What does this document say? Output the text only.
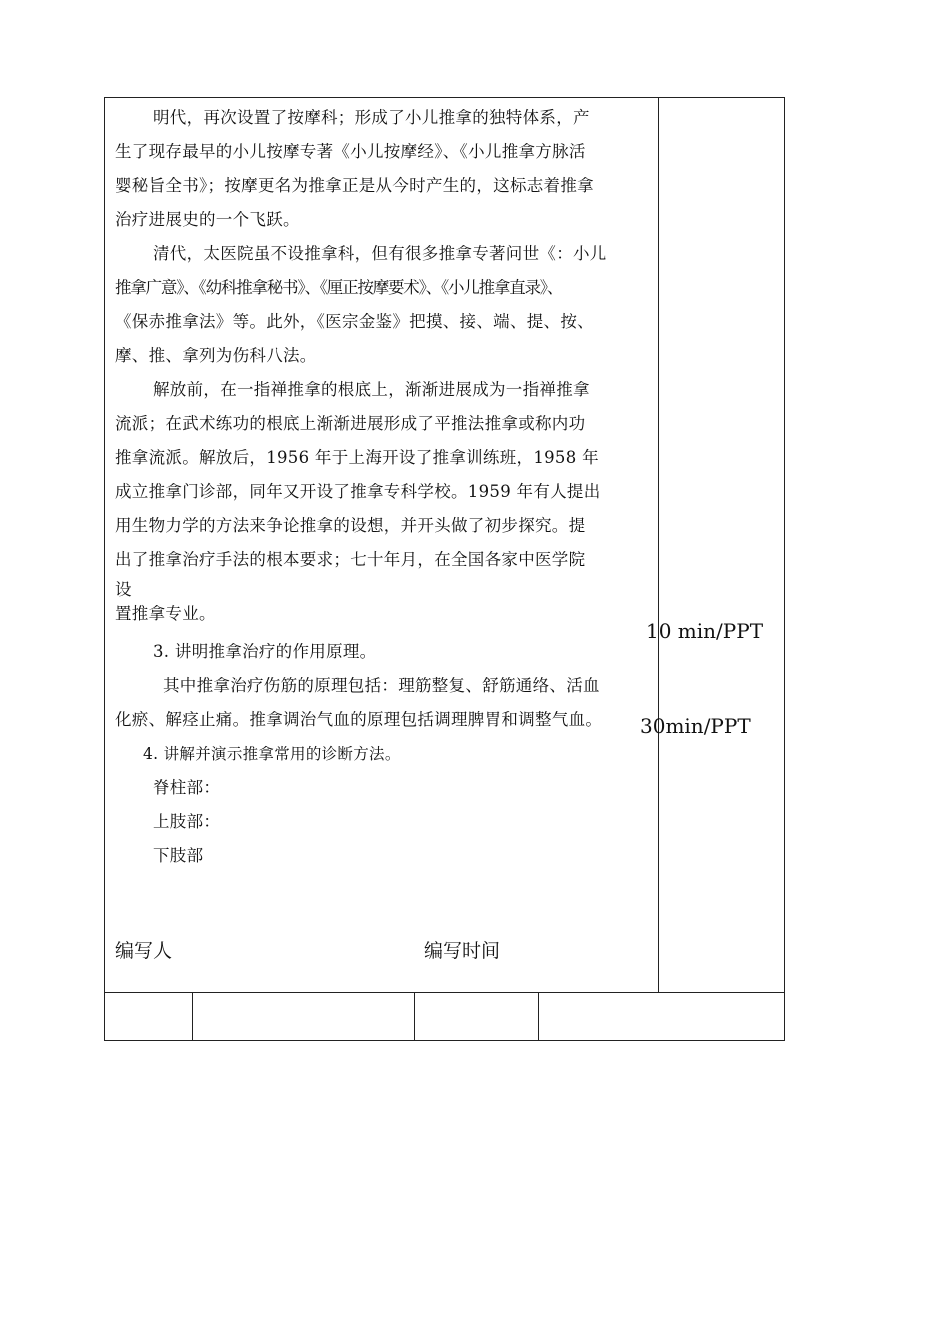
明代，再次设置了按摩科；形成了小儿推拿的独特体系，产
生了现存最早的小儿按摩专著《小儿按摩经》、《小儿推拿方脉活
婴秘旨全书》；按摩更名为推拿正是从今时产生的，这标志着推拿
治疗进展史的一个飞跃。
清代，太医院虽不设推拿科，但有很多推拿专著问世《：小儿
推拿广意》、《幼科推拿秘书》、《厘正按摩要术》、《小儿推拿直录》、
《保赤推拿法》等。此外，《医宗金鉴》把摸、接、端、提、按、
摩、推、拿列为伤科八法。
解放前，在一指禅推拿的根底上，渐渐进展成为一指禅推拿
流派；在武术练功的根底上渐渐进展形成了平推法推拿或称内功
推拿流派。解放后，1956 年于上海开设了推拿训练班，1958 年
成立推拿门诊部，同年又开设了推拿专科学校。1959 年有人提出
用生物力学的方法来争论推拿的设想，并开头做了初步探究。提
出了推拿治疗手法的根本要求；七十年月，在全国各家中医学院
设
置推拿专业。
3. 讲明推拿治疗的作用原理。
其中推拿治疗伤筋的原理包括：理筋整复、舒筋通络、活血
化瘀、解痉止痛。推拿调治气血的原理包括调理脾胃和调整气血。
4. 讲解并演示推拿常用的诊断方法。
脊柱部：
上肢部：
下肢部
10 min/PPT
30min/PPT
编写人	编写时间
